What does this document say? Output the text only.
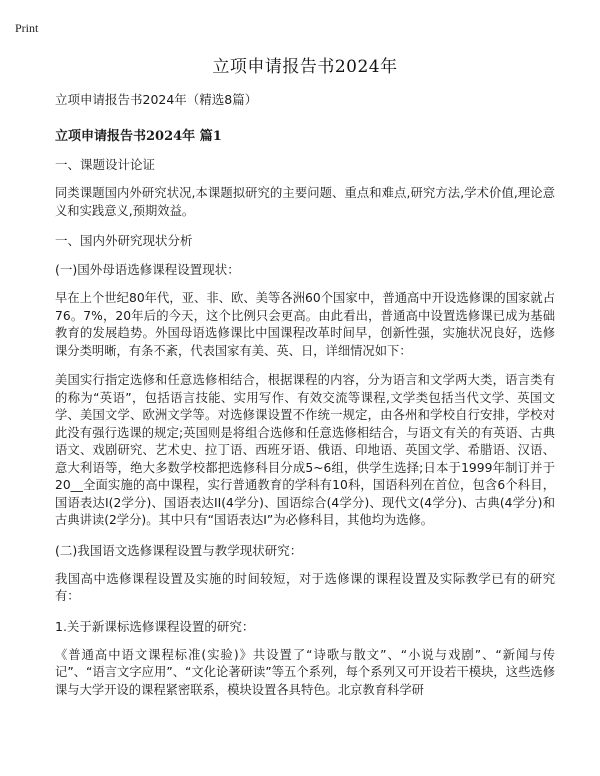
Print
立项申请报告书2024年
立项申请报告书2024年（精选8篇）
立项申请报告书2024年 篇1
一、课题设计论证

同类课题国内外研究状况,本课题拟研究的主要问题、重点和难点,研究方法,学术价值,理论意义和实践意义,预期效益。

一、国内外研究现状分析
(一)国外母语选修课程设置现状：

早在上个世纪80年代，亚、非、欧、美等各洲60个国家中，普通高中开设选修课的国家就占76。7%，20年后的今天，这个比例只会更高。由此看出，普通高中设置选修课已成为基础教育的发展趋势。外国母语选修课比中国课程改革时间早，创新性强，实施状况良好，选修课分类明晰，有条不紊，代表国家有美、英、日，详细情况如下：

美国实行指定选修和任意选修相结合，根据课程的内容，分为语言和文学两大类，语言类有的称为“英语”，包括语言技能、实用写作、有效交流等课程,文学类包括当代文学、英国文学、美国文学、欧洲文学等。对选修课设置不作统一规定，由各州和学校自行安排，学校对此没有强行选课的规定;英国则是将组合选修和任意选修相结合，与语文有关的有英语、古典语文、戏剧研究、艺术史、拉丁语、西班牙语、俄语、印地语、英国文学、希腊语、汉语、意大利语等，绝大多数学校都把选修科目分成5~6组，供学生选择;日本于1999年制订并于20__全面实施的高中课程，实行普通教育的学科有10科，国语科列在首位，包含6个科目，国语表达I(2学分)、国语表达II(4学分)、国语综合(4学分)、现代文(4学分)、古典(4学分)和古典讲读(2学分)。其中只有“国语表达I”为必修科目，其他均为选修。

(二)我国语文选修课程设置与教学现状研究：

我国高中选修课程设置及实施的时间较短，对于选修课的课程设置及实际教学已有的研究有：

1.关于新课标选修课程设置的研究：

《普通高中语文课程标准(实验)》共设置了“诗歌与散文”、“小说与戏剧”、“新闻与传记”、“语言文字应用”、“文化论著研读”等五个系列，每个系列又可开设若干模块，这些选修课与大学开设的课程紧密联系，模块设置各具特色。北京教育科学研
